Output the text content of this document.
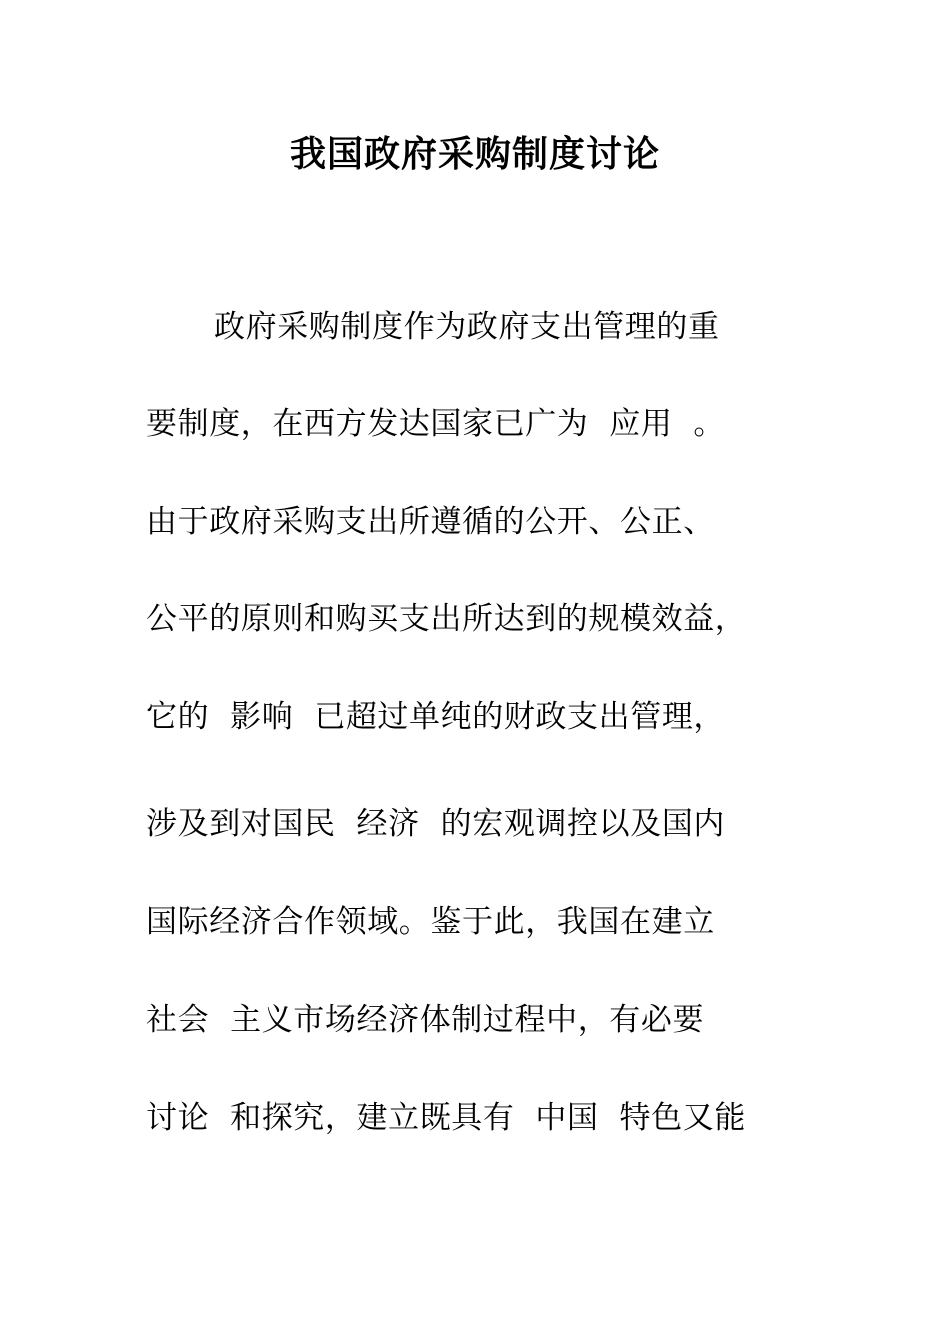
我国政府采购制度讨论
政府采购制度作为政府支出管理的重
要制度，在西方发达国家已广为  应用  。
由于政府采购支出所遵循的公开、公正、
公平的原则和购买支出所达到的规模效益，
它的  影响  已超过单纯的财政支出管理，
涉及到对国民  经济  的宏观调控以及国内
国际经济合作领域。鉴于此，我国在建立
社会  主义市场经济体制过程中，有必要
讨论  和探究，建立既具有  中国  特色又能
